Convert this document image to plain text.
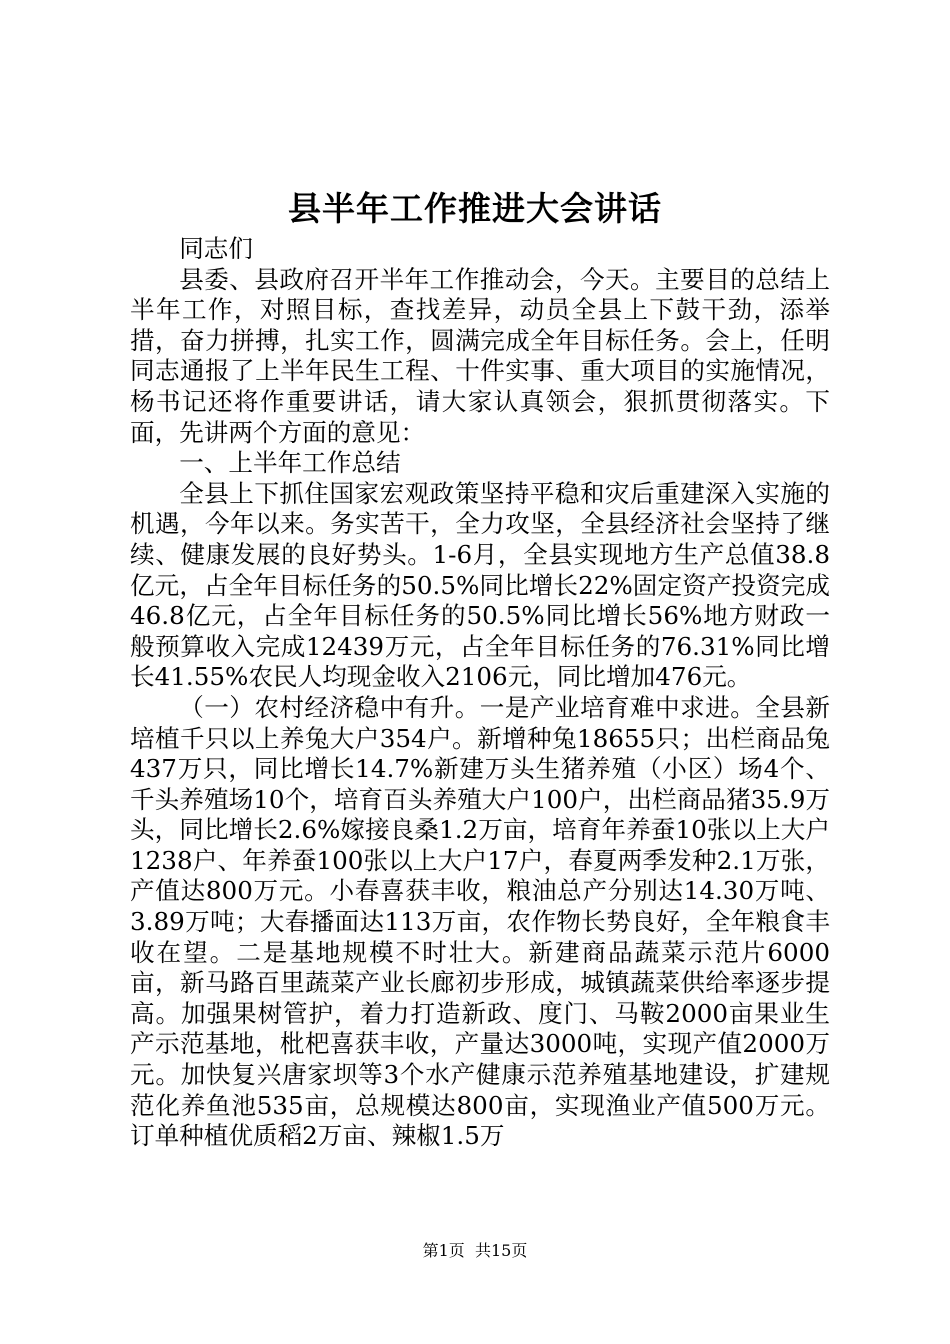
县半年工作推进大会讲话

同志们

县委、县政府召开半年工作推动会，今天。主要目的总结上半年工作，对照目标，查找差异，动员全县上下鼓干劲，添举措，奋力拼搏，扎实工作，圆满完成全年目标任务。会上，任明同志通报了上半年民生工程、十件实事、重大项目的实施情况，杨书记还将作重要讲话，请大家认真领会，狠抓贯彻落实。下面，先讲两个方面的意见：

一、上半年工作总结

全县上下抓住国家宏观政策坚持平稳和灾后重建深入实施的机遇，今年以来。务实苦干，全力攻坚，全县经济社会坚持了继续、健康发展的良好势头。1-6月，全县实现地方生产总值38.8亿元，占全年目标任务的50.5%同比增长22%固定资产投资完成46.8亿元，占全年目标任务的50.5%同比增长56%地方财政一般预算收入完成12439万元，占全年目标任务的76.31%同比增长41.55%农民人均现金收入2106元，同比增加476元。

（一）农村经济稳中有升。一是产业培育难中求进。全县新培植千只以上养兔大户354户。新增种兔18655只；出栏商品兔437万只，同比增长14.7%新建万头生猪养殖（小区）场4个、千头养殖场10个，培育百头养殖大户100户，出栏商品猪35.9万头，同比增长2.6%嫁接良桑1.2万亩，培育年养蚕10张以上大户1238户、年养蚕100张以上大户17户，春夏两季发种2.1万张，产值达800万元。小春喜获丰收，粮油总产分别达14.30万吨、3.89万吨；大春播面达113万亩，农作物长势良好，全年粮食丰收在望。二是基地规模不时壮大。新建商品蔬菜示范片6000亩，新马路百里蔬菜产业长廊初步形成，城镇蔬菜供给率逐步提高。加强果树管护，着力打造新政、度门、马鞍2000亩果业生产示范基地，枇杷喜获丰收，产量达3000吨，实现产值2000万元。加快复兴唐家坝等3个水产健康示范养殖基地建设，扩建规范化养鱼池535亩，总规模达800亩，实现渔业产值500万元。订单种植优质稻2万亩、辣椒1.5万

第1页 共15页
